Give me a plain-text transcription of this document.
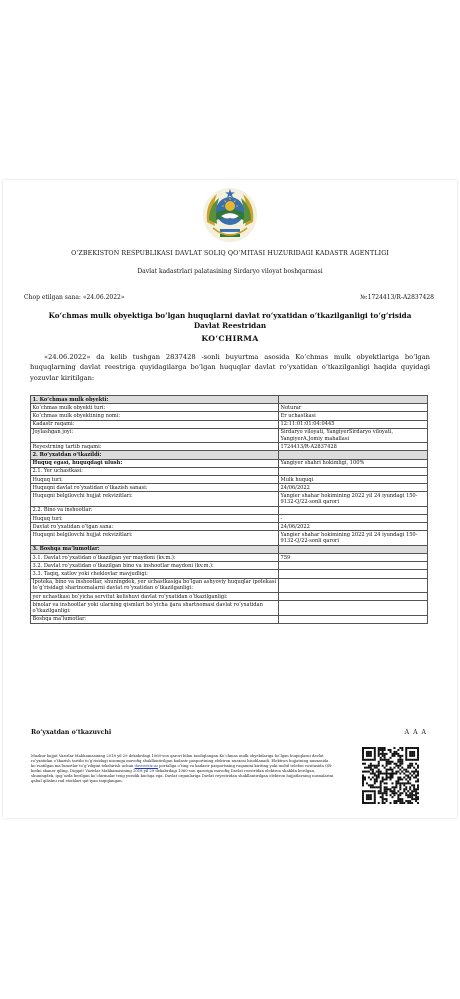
O‘ZBEKISTON RESPUBLIKASI DAVLAT SOLIQ QO‘MITASI HUZURIDAGI KADASTR AGENTLIGI
Davlat kadastrlari palatasining Sirdaryo viloyat boshqarmasi
Chop etilgan sana: «24.06.2022»	№:1724413/R-A2837428
Ko‘chmas mulk obyektiga bo‘lgan huquqlarni davlat ro‘yxatidan o‘tkazilganligi to‘g‘risida Davlat Reestridan
KO‘CHIRMA
«24.06.2022» da kelib tushgan 2837428 -sonli buyurtma asosida Ko‘chmas mulk obyektlariga bo‘lgan huquqlarning davlat reestriga quyidagilarga bo‘lgan huquqlar davlat ro‘yxatidan o‘tkazilganligi haqida quyidagi yozuvlar kiritilgan:
1. Ko‘chmas mulk obyekti:	
Ko‘chmas mulk obyekti turi:	Noturar
Ko‘chmas mulk obyektining nomi:	Er uchastkasi
Kadastr raqami:	12:11:01:01:04:0445
Joylashgan joyi:	Sirdaryo viloyati, YangiyerSirdaryo viloyati, YangiyerA.Jomiy mahallasi
Reyestrning tartib raqami:	1724413/R-A2837428
2. Ro‘yxatdan o‘tkazildi:	
Huquq egasi, huquqdagi ulush:	Yangiyer shahri hokimligi, 100%
2.1. Yer uchastkasi:	
Huquq turi:	Mulk huquqi
Huquqni davlat ro‘yxatidan o‘tkazish sanasi:	24/06/2022
Huquqni belgilovchi hujjat rekvizitlari:	Yangier shahar hokimining 2022 yil 24 iyundagi 150-9132-Q/22-sonli qarori
2.2. Bino va inshootlar:	
Huquq turi:	-
Davlat ro‘yxatidan o‘tgan sana:	24/06/2022
Huquqni belgilovchi hujjat rekvizitlari:	Yangier shahar hokimining 2022 yil 24 iyundagi 150-9132-Q/22-sonli qarori
3. Boshqa ma’lumotlar:	
3.1. Davlat ro‘yxatidan o‘tkazilgan yer maydoni (kv.m.):	759
3.2. Davlat ro‘yxatidan o‘tkazilgan bino va inshootlar maydoni (kv.m.):	
3.3. Taqiq, xatlov yoki cheklovlar mavjudligi:	
Ipoteka, bino va inshootlar, shuningdek, yer uchastkasiga bo‘lgan ashyoviy huquqlar ipotekasi to‘g‘risidagi shartnomalarni davlat ro‘yxatidan o‘tkazilganligi:	
yer uchastkasi bo‘yicha servitut kelishuvi davlat ro‘yxatidan o‘tkazilganligi:	
binolar va inshootlar yoki ularning qismlari bo‘yicha ijara shartnomasi davlat ro‘yxatidan o‘tkazilganligi:	
Boshqa ma’lumotlar:	
Ro‘yxatdan o‘tkazuvchi	A A A
Mazkur hujjat Vazirlar Mahkamasining 2018 yil 29 dekabrdagi 1060-son qarori bilan tasdiqlangan Ko‘chmas mulk obyektlariga bo‘lgan huquqlarni davlat ro‘yxatidan o‘tkazish tartibi to‘g‘risidagi nizomga muvofiq shakllantirilgan kadastr pasportining elektron nusxasi hisoblanadi. Elektron hujjatning nusxasida ko‘rsatilgan ma’lumotlar to‘g‘riligini tekshirish uchun davreestr.uz portaliga o‘ting va kadastr pasportining raqamini kiriting yoki mobil telefon vositasida QR-kodni skaner qiling. Diqqat! Vazirlar Mahkamasining 2018 yil 29 dekabrdagi 1060-son qaroriga muvofiq Davlat reestridan elektron shaklda berilgan, shuningdek, qog‘ozda berilgan ko‘chirmalar teng yuridik kuchga ega. Davlat organlariga Davlat reyestridan shakllantirilgan elektron hujjatlarning nusxalarini qabul qilishni rad etishlari qat’iyan taqiqlangan.
